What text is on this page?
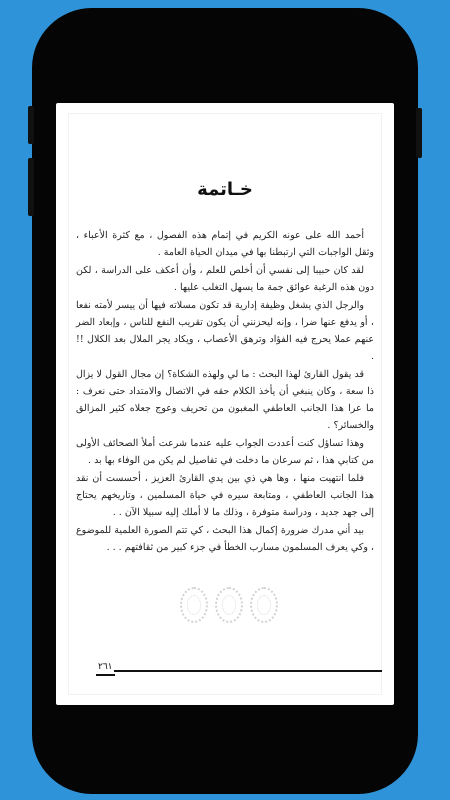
خـاتمة

أحمد الله على عونه الكريم في إتمام هذه الفصول ، مع كثرة الأعباء ، وثقل الواجبات التي ارتبطنا بها في ميدان الحياة العامة .

لقد كان حبيبا إلى نفسي أن أخلص للعلم ، وأن أعكف على الدراسة ، لكن دون هذه الرغبة عوائق جمة ما يسهل التغلب عليها .

والرجل الذي يشغل وظيفة إدارية قد تكون مسلاته فيها أن ييسر لأمته نفعا ، أو يدفع عنها ضرا ، وإنه ليحزنني أن يكون تقريب النفع للناس ، وإبعاد الضر عنهم عملا يحرج فيه الفؤاد وترهق الأعصاب ، ويكاد يجر الملال بعد الكلال !! .

قد يقول القارئ لهذا البحث : ما لي ولهذه الشكاة؟ إن مجال القول لا يزال ذا سعة ، وكان ينبغي أن يأخذ الكلام حقه في الاتصال والامتداد حتى نعرف : ما عرا هذا الجانب العاطفي المغبون من تحريف وعوج جعلاه كثير المزالق والخسائر؟ .

وهذا تساؤل كنت أعددت الجواب عليه عندما شرعت أملأ الصحائف الأولى من كتابي هذا ، ثم سرعان ما دخلت في تفاصيل لم يكن من الوفاء بها بد .

فلما انتهيت منها ، وها هي ذي بين يدي القارئ العزيز ، أحسست أن نقد هذا الجانب العاطفي ، ومتابعة سيره في حياة المسلمين ، وتاريخهم يحتاج إلى جهد جديد ، ودراسة متوفرة ، وذلك ما لا أملك إليه سبيلا الآن . .

بيد أني مدرك ضرورة إكمال هذا البحث ، كي تتم الصورة العلمية للموضوع ، وكي يعرف المسلمون مسارب الخطأ في جزء كبير من ثقافتهم . . .

٢٦١
